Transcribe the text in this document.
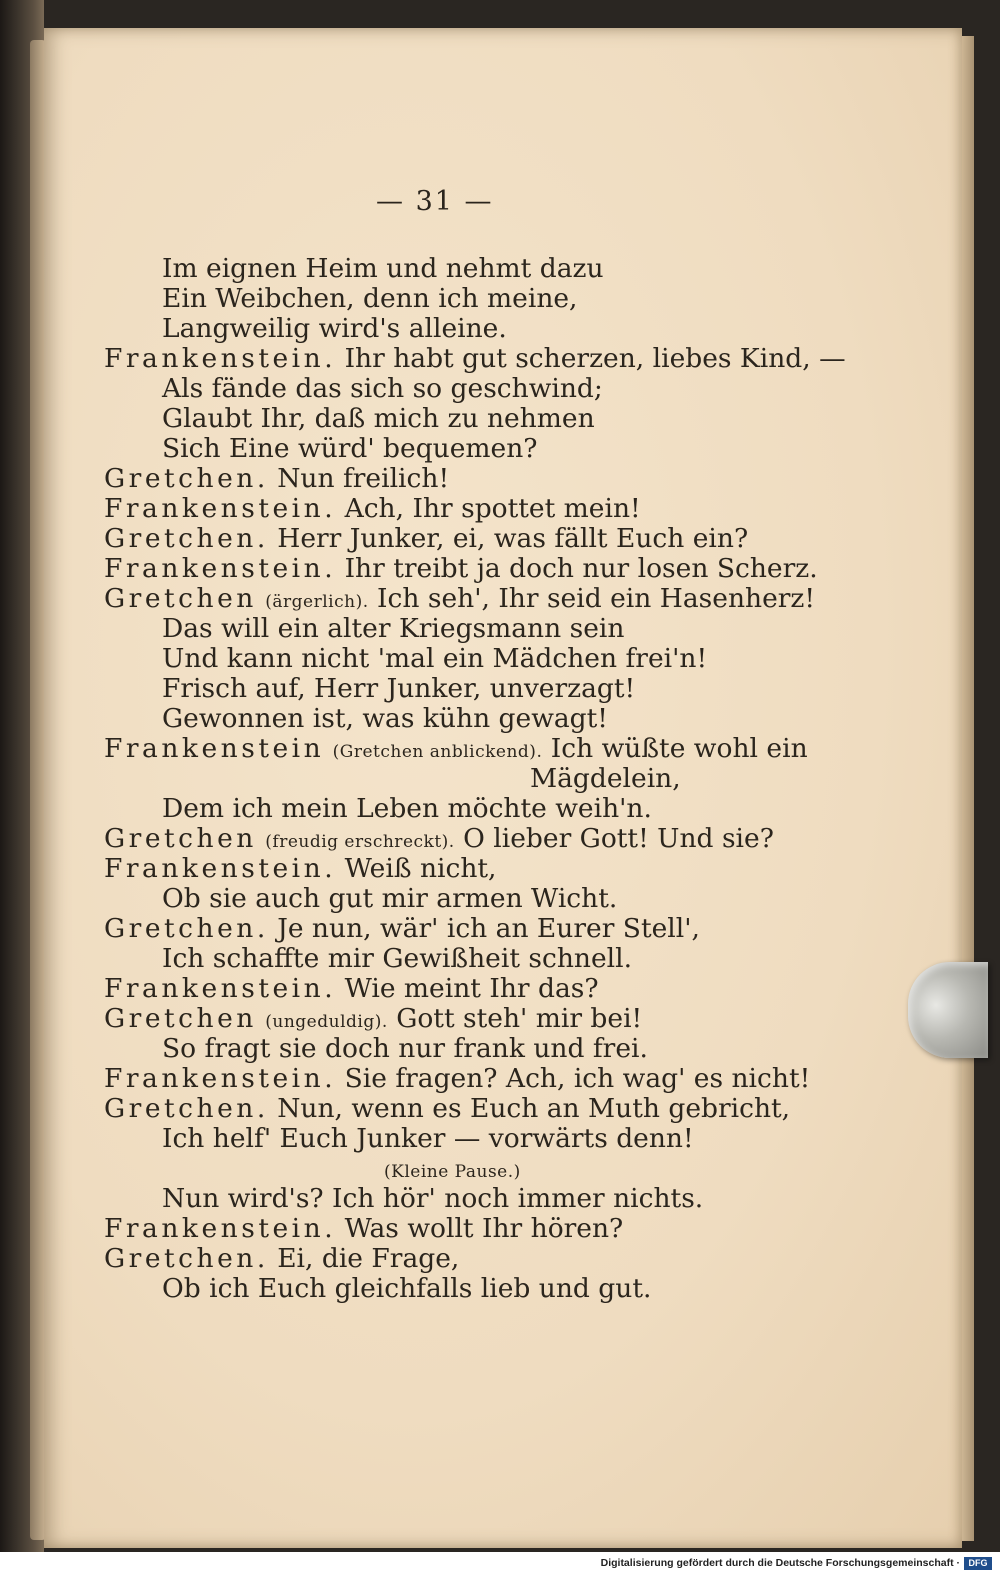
— 31 —
Im eignen Heim und nehmt dazu
Ein Weibchen, denn ich meine,
Langweilig wird's alleine.
Frankenstein. Ihr habt gut scherzen, liebes Kind, —
Als fände das sich so geschwind;
Glaubt Ihr, daß mich zu nehmen
Sich Eine würd' bequemen?
Gretchen. Nun freilich!
Frankenstein. Ach, Ihr spottet mein!
Gretchen. Herr Junker, ei, was fällt Euch ein?
Frankenstein. Ihr treibt ja doch nur losen Scherz.
Gretchen (ärgerlich). Ich seh', Ihr seid ein Hasenherz!
Das will ein alter Kriegsmann sein
Und kann nicht 'mal ein Mädchen frei'n!
Frisch auf, Herr Junker, unverzagt!
Gewonnen ist, was kühn gewagt!
Frankenstein (Gretchen anblickend). Ich wüßte wohl ein
Mägdelein,
Dem ich mein Leben möchte weih'n.
Gretchen (freudig erschreckt). O lieber Gott! Und sie?
Frankenstein. Weiß nicht,
Ob sie auch gut mir armen Wicht.
Gretchen. Je nun, wär' ich an Eurer Stell',
Ich schaffte mir Gewißheit schnell.
Frankenstein. Wie meint Ihr das?
Gretchen (ungeduldig). Gott steh' mir bei!
So fragt sie doch nur frank und frei.
Frankenstein. Sie fragen? Ach, ich wag' es nicht!
Gretchen. Nun, wenn es Euch an Muth gebricht,
Ich helf' Euch Junker — vorwärts denn!
(Kleine Pause.)
Nun wird's? Ich hör' noch immer nichts.
Frankenstein. Was wollt Ihr hören?
Gretchen. Ei, die Frage,
Ob ich Euch gleichfalls lieb und gut.
Digitalisierung gefördert durch die Deutsche Forschungsgemeinschaft · DFG
